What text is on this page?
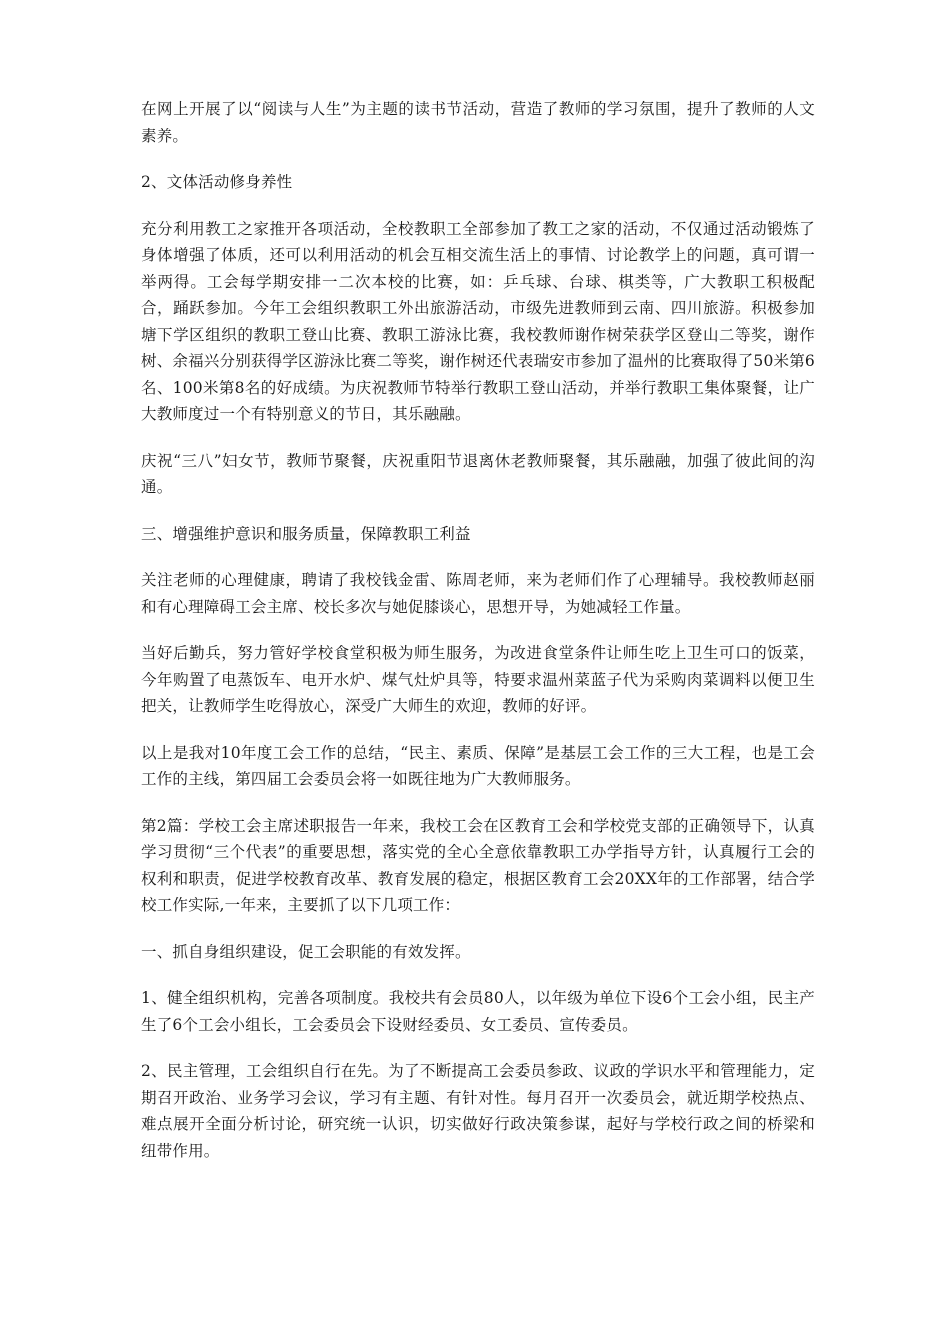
在网上开展了以“阅读与人生”为主题的读书节活动，营造了教师的学习氛围，提升了教师的人文素养。

2、文体活动修身养性

充分利用教工之家推开各项活动，全校教职工全部参加了教工之家的活动，不仅通过活动锻炼了身体增强了体质，还可以利用活动的机会互相交流生活上的事情、讨论教学上的问题，真可谓一举两得。工会每学期安排一二次本校的比赛，如：乒乓球、台球、棋类等，广大教职工积极配合，踊跃参加。今年工会组织教职工外出旅游活动，市级先进教师到云南、四川旅游。积极参加塘下学区组织的教职工登山比赛、教职工游泳比赛，我校教师谢作树荣获学区登山二等奖，谢作树、余福兴分别获得学区游泳比赛二等奖，谢作树还代表瑞安市参加了温州的比赛取得了50米第6名、100米第8名的好成绩。为庆祝教师节特举行教职工登山活动，并举行教职工集体聚餐，让广大教师度过一个有特别意义的节日，其乐融融。

庆祝“三八”妇女节，教师节聚餐，庆祝重阳节退离休老教师聚餐，其乐融融，加强了彼此间的沟通。

三、增强维护意识和服务质量，保障教职工利益

关注老师的心理健康，聘请了我校钱金雷、陈周老师，来为老师们作了心理辅导。我校教师赵丽和有心理障碍工会主席、校长多次与她促膝谈心，思想开导，为她减轻工作量。

当好后勤兵，努力管好学校食堂积极为师生服务，为改进食堂条件让师生吃上卫生可口的饭菜，今年购置了电蒸饭车、电开水炉、煤气灶炉具等，特要求温州菜蓝子代为采购肉菜调料以便卫生把关，让教师学生吃得放心，深受广大师生的欢迎，教师的好评。

以上是我对10年度工会工作的总结，“民主、素质、保障”是基层工会工作的三大工程，也是工会工作的主线，第四届工会委员会将一如既往地为广大教师服务。

第2篇：学校工会主席述职报告一年来，我校工会在区教育工会和学校党支部的正确领导下，认真学习贯彻“三个代表”的重要思想，落实党的全心全意依靠教职工办学指导方针，认真履行工会的权利和职责，促进学校教育改革、教育发展的稳定，根据区教育工会20XX年的工作部署，结合学校工作实际,一年来，主要抓了以下几项工作：

一、抓自身组织建设，促工会职能的有效发挥。

1、健全组织机构，完善各项制度。我校共有会员80人，以年级为单位下设6个工会小组，民主产生了6个工会小组长，工会委员会下设财经委员、女工委员、宣传委员。

2、民主管理，工会组织自行在先。为了不断提高工会委员参政、议政的学识水平和管理能力，定期召开政治、业务学习会议，学习有主题、有针对性。每月召开一次委员会，就近期学校热点、难点展开全面分析讨论，研究统一认识，切实做好行政决策参谋，起好与学校行政之间的桥梁和纽带作用。
